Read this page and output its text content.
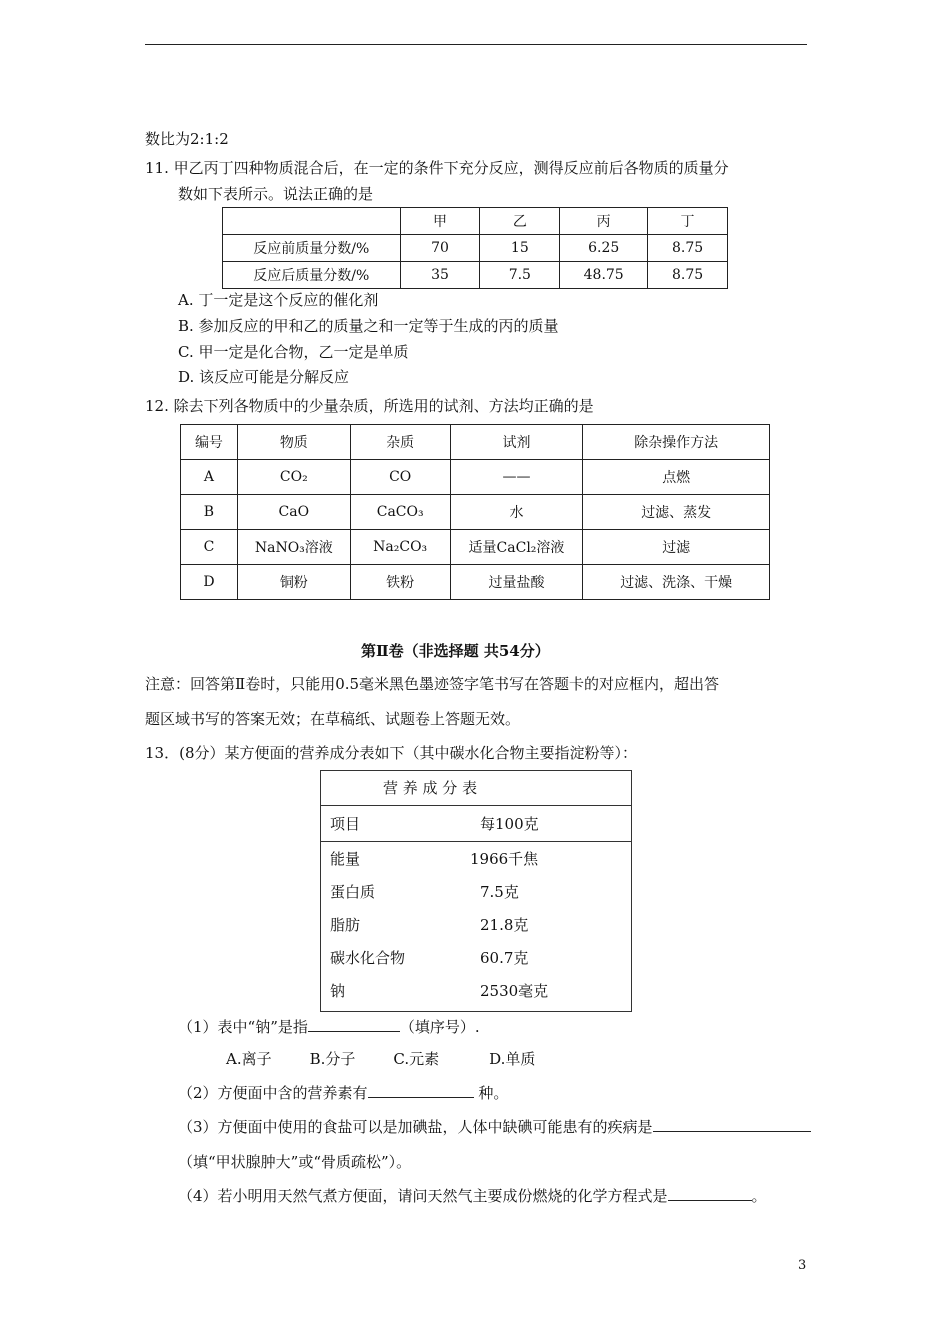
数比为2:1:2
11. 甲乙丙丁四种物质混合后，在一定的条件下充分反应，测得反应前后各物质的质量分
数如下表所示。说法正确的是
	甲	乙	丙	丁
反应前质量分数/%	70	15	6.25	8.75
反应后质量分数/%	35	7.5	48.75	8.75
A. 丁一定是这个反应的催化剂
B. 参加反应的甲和乙的质量之和一定等于生成的丙的质量
C. 甲一定是化合物，乙一定是单质
D. 该反应可能是分解反应
12. 除去下列各物质中的少量杂质，所选用的试剂、方法均正确的是
编号	物质	杂质	试剂	除杂操作方法
A	CO₂	CO	——	点燃
B	CaO	CaCO₃	水	过滤、蒸发
C	NaNO₃溶液	Na₂CO₃	适量CaCl₂溶液	过滤
D	铜粉	铁粉	过量盐酸	过滤、洗涤、干燥
第Ⅱ卷（非选择题 共54分）
注意：回答第Ⅱ卷时，只能用0.5毫米黑色墨迹签字笔书写在答题卡的对应框内，超出答
题区域书写的答案无效；在草稿纸、试题卷上答题无效。
13．(8分）某方便面的营养成分表如下（其中碳水化合物主要指淀粉等）：
营 养 成 分 表
项目	每100克
能量	1966千焦
蛋白质	7.5克
脂肪	21.8克
碳水化合物	60.7克
钠	2530毫克
（1）表中“钠”是指	（填序号）.
A.离子	B.分子	C.元素	D.单质
（2）方便面中含的营养素有	种。
（3）方便面中使用的食盐可以是加碘盐，人体中缺碘可能患有的疾病是
（填“甲状腺肿大”或“骨质疏松”）。
（4）若小明用天然气煮方便面，请问天然气主要成份燃烧的化学方程式是	。
3
